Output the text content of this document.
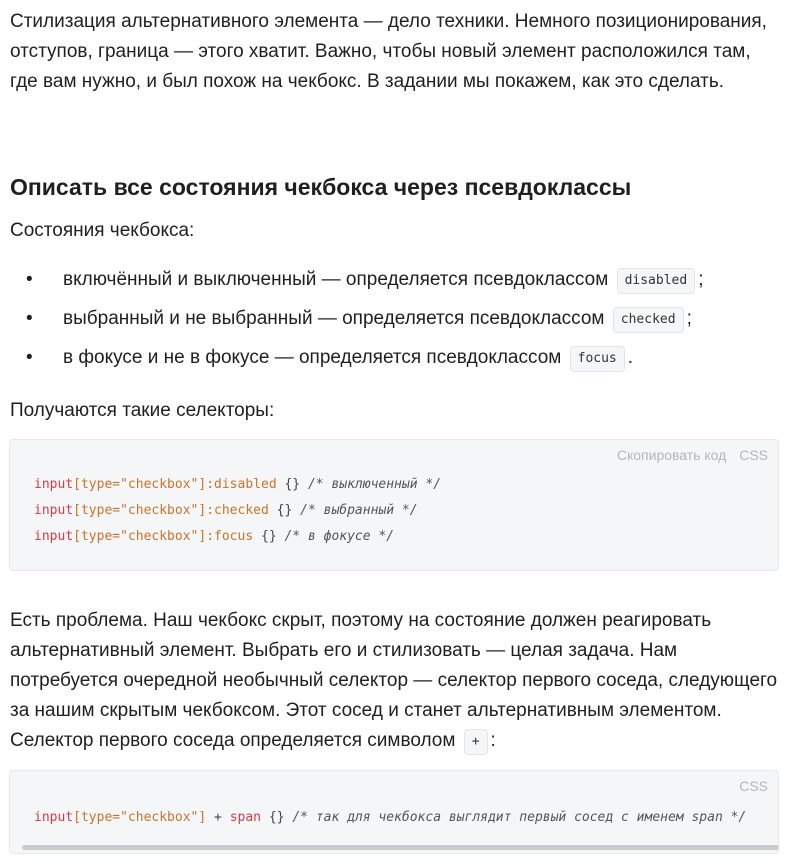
Стилизация альтернативного элемента — дело техники. Немного позиционирования, отступов, граница — этого хватит. Важно, чтобы новый элемент расположился там, где вам нужно, и был похож на чекбокс. В задании мы покажем, как это сделать.

Описать все состояния чекбокса через псевдоклассы

Состояния чекбокса:

• включённый и выключенный — определяется псевдоклассом disabled ;
• выбранный и не выбранный — определяется псевдоклассом checked ;
• в фокусе и не в фокусе — определяется псевдоклассом focus .

Получаются такие селекторы:

Скопировать код CSS
input[type="checkbox"]:disabled {} /* выключенный */
input[type="checkbox"]:checked {} /* выбранный */
input[type="checkbox"]:focus {} /* в фокусе */

Есть проблема. Наш чекбокс скрыт, поэтому на состояние должен реагировать альтернативный элемент. Выбрать его и стилизовать — целая задача. Нам потребуется очередной необычный селектор — селектор первого соседа, следующего за нашим скрытым чекбоксом. Этот сосед и станет альтернативным элементом. Селектор первого соседа определяется символом + :

CSS
input[type="checkbox"] + span {} /* так для чекбокса выглядит первый сосед с именем span */
